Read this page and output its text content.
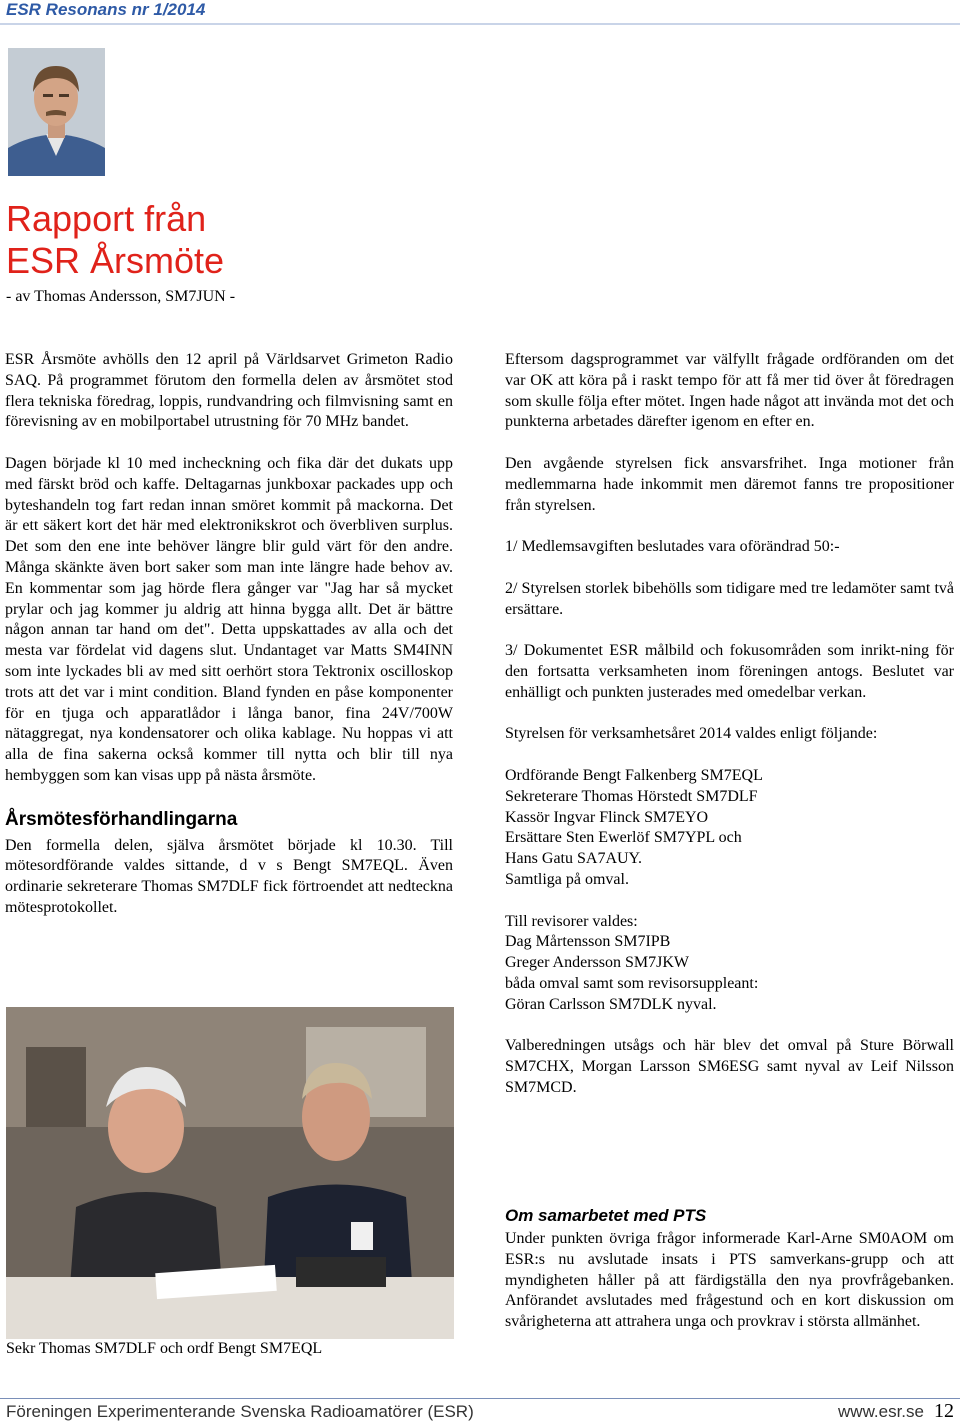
ESR Resonans nr 1/2014
Rapport från
ESR Årsmöte
- av Thomas Andersson, SM7JUN -

ESR Årsmöte avhölls den 12 april på Världsarvet Grimeton Radio SAQ. På programmet förutom den formella delen av årsmötet stod flera tekniska föredrag, loppis, rundvandring och filmvisning samt en förevisning av en mobilportabel utrustning för 70 MHz bandet.

Dagen började kl 10 med incheckning och fika där det dukats upp med färskt bröd och kaffe. Deltagarnas junkboxar packades upp och byteshandeln tog fart redan innan smöret kommit på mackorna. Det är ett säkert kort det här med elektronikskrot och överbliven surplus. Det som den ene inte behöver längre blir guld värt för den andre. Många skänkte även bort saker som man inte längre hade behov av. En kommentar som jag hörde flera gånger var "Jag har så mycket prylar och jag kommer ju aldrig att hinna bygga allt. Det är bättre någon annan tar hand om det". Detta uppskattades av alla och det mesta var fördelat vid dagens slut. Undantaget var Matts SM4INN som inte lyckades bli av med sitt oerhört stora Tektronix oscilloskop trots att det var i mint condition. Bland fynden en påse komponenter för en tjuga och apparatlådor i långa banor, fina 24V/700W nätaggregat, nya kondensatorer och olika kablage. Nu hoppas vi att alla de fina sakerna också kommer till nytta och blir till nya hembyggen som kan visas upp på nästa årsmöte.

Årsmötesförhandlingarna

Den formella delen, själva årsmötet började kl 10.30. Till mötesordförande valdes sittande, d v s Bengt SM7EQL. Även ordinarie sekreterare Thomas SM7DLF fick förtroendet att nedteckna mötesprotokollet.

Sekr Thomas SM7DLF och ordf Bengt SM7EQL

Eftersom dagsprogrammet var välfyllt frågade ordföranden om det var OK att köra på i raskt tempo för att få mer tid över åt föredragen som skulle följa efter mötet. Ingen hade något att invända mot det och punkterna arbetades därefter igenom en efter en.

Den avgående styrelsen fick ansvarsfrihet. Inga motioner från medlemmarna hade inkommit men däremot fanns tre propositioner från styrelsen.

1/ Medlemsavgiften beslutades vara oförändrad 50:-

2/ Styrelsen storlek bibehölls som tidigare med tre ledamöter samt två ersättare.

3/ Dokumentet ESR målbild och fokusområden som inrikt-ning för den fortsatta verksamheten inom föreningen antogs. Beslutet var enhälligt och punkten justerades med omedelbar verkan.

Styrelsen för verksamhetsåret 2014 valdes enligt följande:

Ordförande Bengt Falkenberg SM7EQL

Sekreterare Thomas Hörstedt SM7DLF

Kassör Ingvar Flinck SM7EYO

Ersättare Sten Ewerlöf SM7YPL och

Hans Gatu SA7AUY.

Samtliga på omval.

Till revisorer valdes:

Dag Mårtensson SM7IPB

Greger Andersson SM7JKW

båda omval samt som revisorsuppleant:

Göran Carlsson SM7DLK nyval.

Valberedningen utsågs och här blev det omval på Sture Börwall SM7CHX, Morgan Larsson SM6ESG samt nyval av Leif Nilsson SM7MCD.

Om samarbetet med PTS

Under punkten övriga frågor informerade Karl-Arne SM0AOM om ESR:s nu avslutade insats i PTS samverkans-grupp och att myndigheten håller på att färdigställa den nya provfrågebanken. Anförandet avslutades med frågestund och en kort diskussion om svårigheterna att attrahera unga och provkrav i största allmänhet.

Föreningen Experimenterande Svenska Radioamatörer (ESR)	www.esr.se 12
